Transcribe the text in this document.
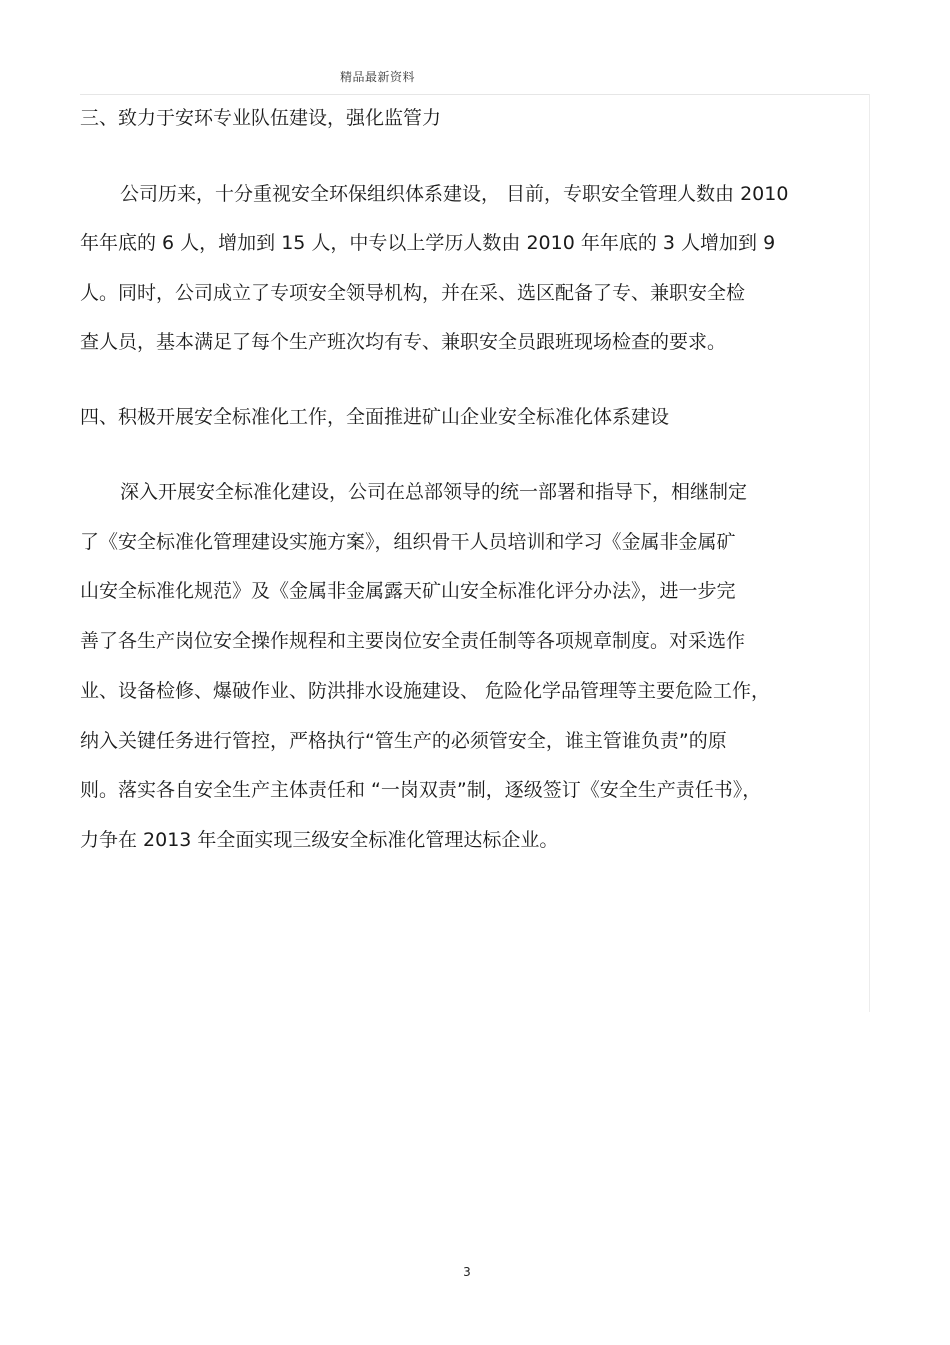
精品最新资料
三、致力于安环专业队伍建设，强化监管力
公司历来，十分重视安全环保组织体系建设， 目前，专职安全管理人数由 2010
年年底的 6 人，增加到 15 人，中专以上学历人数由 2010 年年底的 3 人增加到 9
人。同时，公司成立了专项安全领导机构，并在采、选区配备了专、兼职安全检
查人员，基本满足了每个生产班次均有专、兼职安全员跟班现场检查的要求。
四、积极开展安全标准化工作，全面推进矿山企业安全标准化体系建设
深入开展安全标准化建设，公司在总部领导的统一部署和指导下，相继制定
了《安全标准化管理建设实施方案》，组织骨干人员培训和学习《金属非金属矿
山安全标准化规范》及《金属非金属露天矿山安全标准化评分办法》，进一步完
善了各生产岗位安全操作规程和主要岗位安全责任制等各项规章制度。对采选作
业、设备检修、爆破作业、防洪排水设施建设、 危险化学品管理等主要危险工作，
纳入关键任务进行管控，严格执行“管生产的必须管安全，谁主管谁负责”的原
则。落实各自安全生产主体责任和 “一岗双责”制，逐级签订《安全生产责任书》，
力争在 2013 年全面实现三级安全标准化管理达标企业。
3
